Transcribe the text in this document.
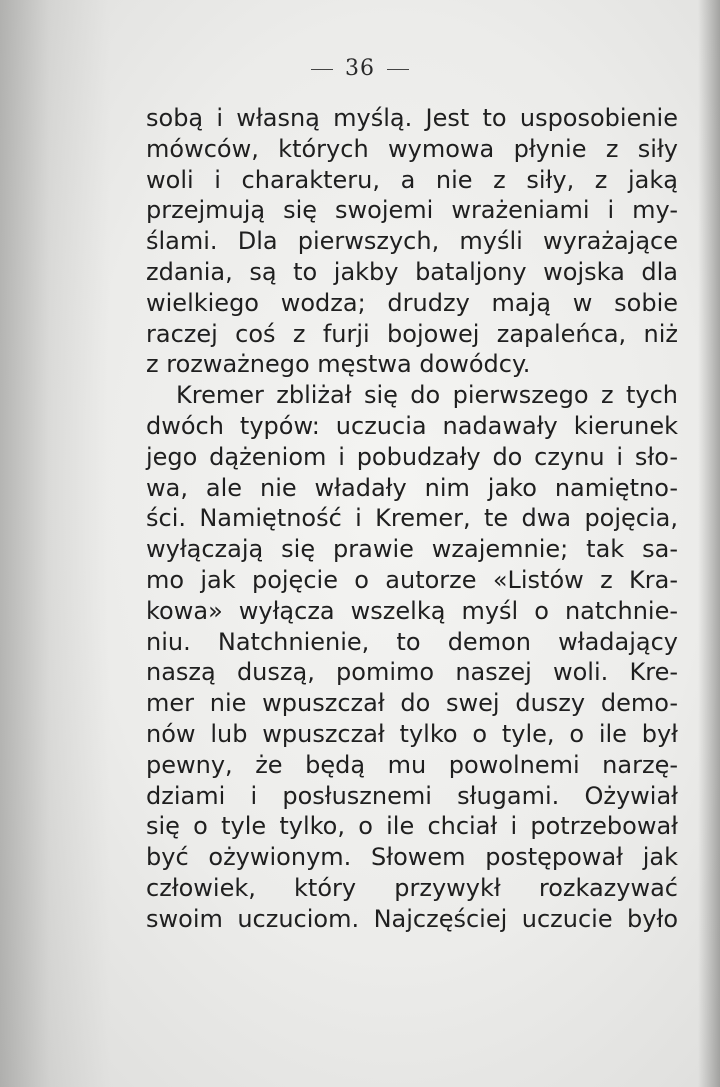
36
sobą i własną myślą. Jest to usposobienie
mówców, których wymowa płynie z siły
woli i charakteru, a nie z siły, z jaką
przejmują się swojemi wrażeniami i my-
ślami. Dla pierwszych, myśli wyrażające
zdania, są to jakby bataljony wojska dla
wielkiego wodza; drudzy mają w sobie
raczej coś z furji bojowej zapaleńca, niż
z rozważnego męstwa dowódcy.
Kremer zbliżał się do pierwszego z tych
dwóch typów: uczucia nadawały kierunek
jego dążeniom i pobudzały do czynu i sło-
wa, ale nie władały nim jako namiętno-
ści. Namiętność i Kremer, te dwa pojęcia,
wyłączają się prawie wzajemnie; tak sa-
mo jak pojęcie o autorze «Listów z Kra-
kowa» wyłącza wszelką myśl o natchnie-
niu. Natchnienie, to demon władający
naszą duszą, pomimo naszej woli. Kre-
mer nie wpuszczał do swej duszy demo-
nów lub wpuszczał tylko o tyle, o ile był
pewny, że będą mu powolnemi narzę-
dziami i posłusznemi sługami. Ożywiał
się o tyle tylko, o ile chciał i potrzebował
być ożywionym. Słowem postępował jak
człowiek, który przywykł rozkazywać
swoim uczuciom. Najczęściej uczucie było
